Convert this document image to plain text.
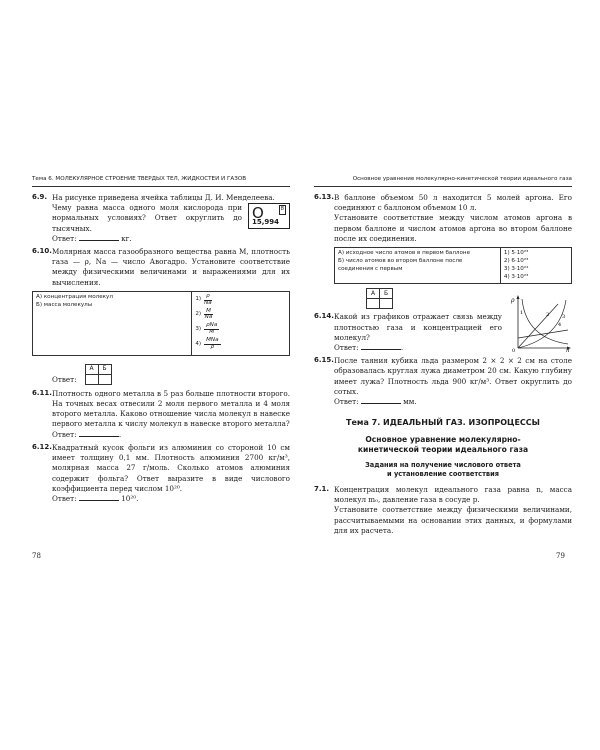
Тема 6. МОЛЕКУЛЯРНОЕ СТРОЕНИЕ ТВЕРДЫХ ТЕЛ, ЖИДКОСТЕЙ И ГАЗОВ
6.9. На рисунке приведена ячейка таблицы Д. И. Менделеева.

Чему равна масса одного моля кислорода при нормальных условиях? Ответ округлить до тысячных.

O	8
15,994

Ответ:	кг.

6.10. Молярная масса газообразного вещества равна M, плотность газа — ρ, Nа — число Авогадро. Установите соответствие между физическими величинами и выражениями для их вычисления.

А) концентрация молекул
Б) масса молекулы

$1) \frac{\rho}{Nа}$
$2) \frac{M}{Nа}$
$3) \frac{\text{ρNа}}{M}$
$4) \frac{\text{MNа}}{\rho}$
Ответ:
А	Б

6.11. Плотность одного металла в 5 раз больше плотности второго. На точных весах отвесили 2 моля первого металла и 4 моля второго металла. Каково отношение числа молекул в навеске первого металла к числу молекул в навеске второго металла?

Ответ:	.

6.12. Квадратный кусок фольги из алюминия со стороной 10 см имеет толщину 0,1 мм. Плотность алюминия 2700 кг/м³, молярная масса 27 г/моль. Сколько атомов алюминия содержит фольга? Ответ выразите в виде числового коэффициента перед числом 10²⁰.

Ответ:	10²⁰.

78
Основное уравнение молекулярно-кинетической теории идеального газа
6.13. В баллоне объемом 50 л находится 5 молей аргона. Его соединяют с баллоном объемом 10 л.

Установите соответствие между числом атомов аргона в первом баллоне и числом атомов аргона во втором баллоне после их соединения.

А) исходное число атомов в первом баллоне
Б) число атомов во втором баллоне после соединения с первым

1) 5·10²³
2) 6·10²³
3) 3·10²⁴
4) 3·10²³
А	Б

6.14. Какой из графиков отражает связь между плотностью газа и концентрацией его молекул?

Ответ:	.

ρ
n
0
1	2	3
4
6.15. После таяния кубика льда размером 2 × 2 × 2 см на столе образовалась круглая лужа диаметром 20 см. Какую глубину имеет лужа? Плотность льда 900 кг/м³. Ответ округлить до сотых.

Ответ:	мм.

Тема 7. ИДЕАЛЬНЫЙ ГАЗ. ИЗОПРОЦЕССЫ
Основное уравнение молекулярно-кинетической теории идеального газа
Задания на получение числового ответа и установление соответствия
7.1. Концентрация молекул идеального газа равна n, масса молекул m₀, давление газа в сосуде p.

Установите соответствие между физическими величинами, рассчитываемыми на основании этих данных, и формулами для их расчета.

79
